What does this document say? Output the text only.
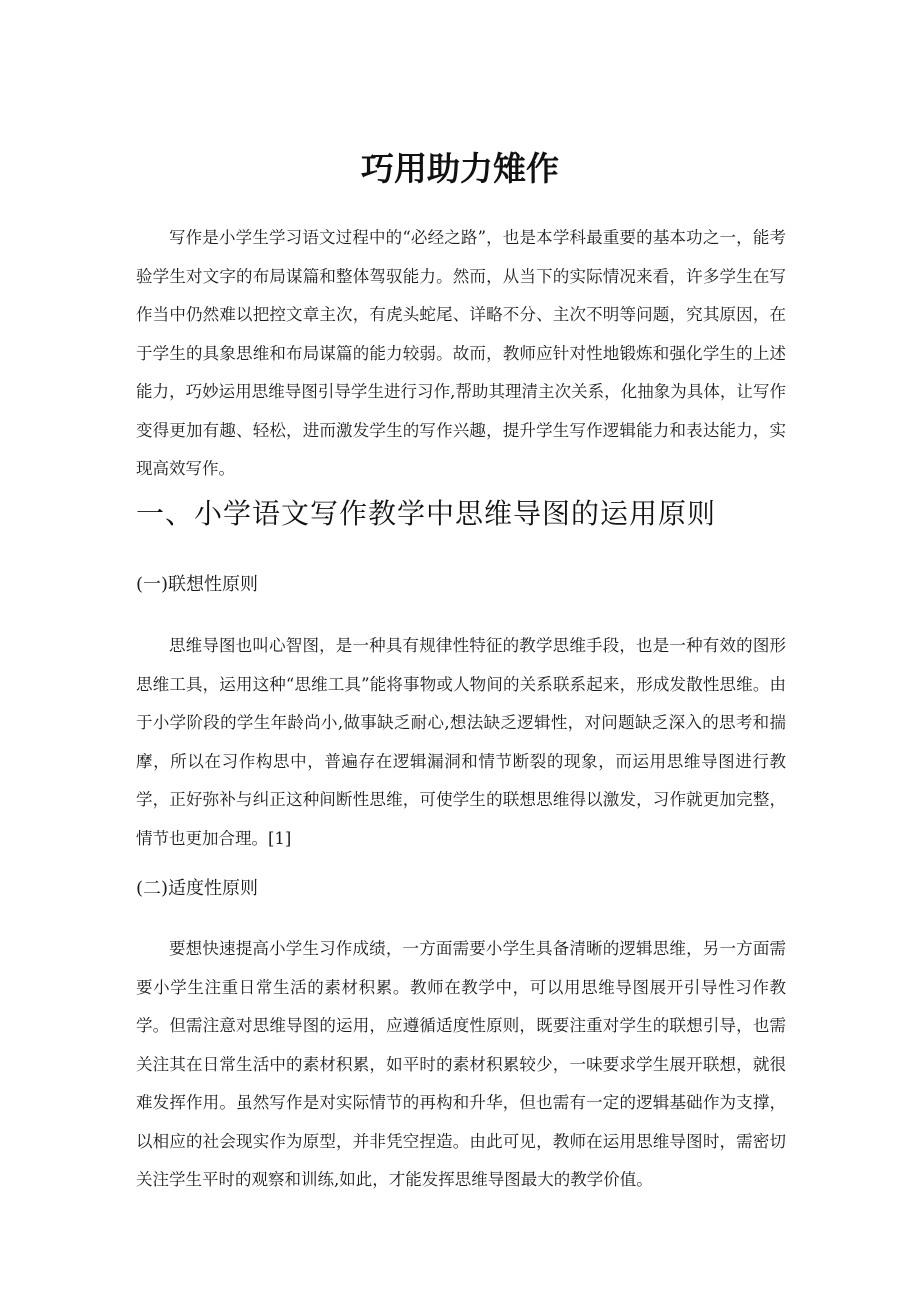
巧用助力雉作

写作是小学生学习语文过程中的“必经之路”，也是本学科最重要的基本功之一，能考验学生对文字的布局谋篇和整体驾驭能力。然而，从当下的实际情况来看，许多学生在写作当中仍然难以把控文章主次，有虎头蛇尾、详略不分、主次不明等问题，究其原因，在于学生的具象思维和布局谋篇的能力较弱。故而，教师应针对性地锻炼和强化学生的上述能力，巧妙运用思维导图引导学生进行习作,帮助其理清主次关系，化抽象为具体，让写作变得更加有趣、轻松，进而激发学生的写作兴趣，提升学生写作逻辑能力和表达能力，实现高效写作。

一、小学语文写作教学中思维导图的运用原则
(一)联想性原则

思维导图也叫心智图，是一种具有规律性特征的教学思维手段，也是一种有效的图形思维工具，运用这种“思维工具”能将事物或人物间的关系联系起来，形成发散性思维。由于小学阶段的学生年龄尚小,做事缺乏耐心,想法缺乏逻辑性，对问题缺乏深入的思考和揣摩，所以在习作构思中，普遍存在逻辑漏洞和情节断裂的现象，而运用思维导图进行教学，正好弥补与纠正这种间断性思维，可使学生的联想思维得以激发，习作就更加完整，情节也更加合理。[1]

(二)适度性原则

要想快速提高小学生习作成绩，一方面需要小学生具备清晰的逻辑思维，另一方面需要小学生注重日常生活的素材积累。教师在教学中，可以用思维导图展开引导性习作教学。但需注意对思维导图的运用，应遵循适度性原则，既要注重对学生的联想引导，也需关注其在日常生活中的素材积累，如平时的素材积累较少，一味要求学生展开联想，就很难发挥作用。虽然写作是对实际情节的再构和升华，但也需有一定的逻辑基础作为支撑，以相应的社会现实作为原型，并非凭空捏造。由此可见，教师在运用思维导图时，需密切关注学生平时的观察和训练,如此，才能发挥思维导图最大的教学价值。
